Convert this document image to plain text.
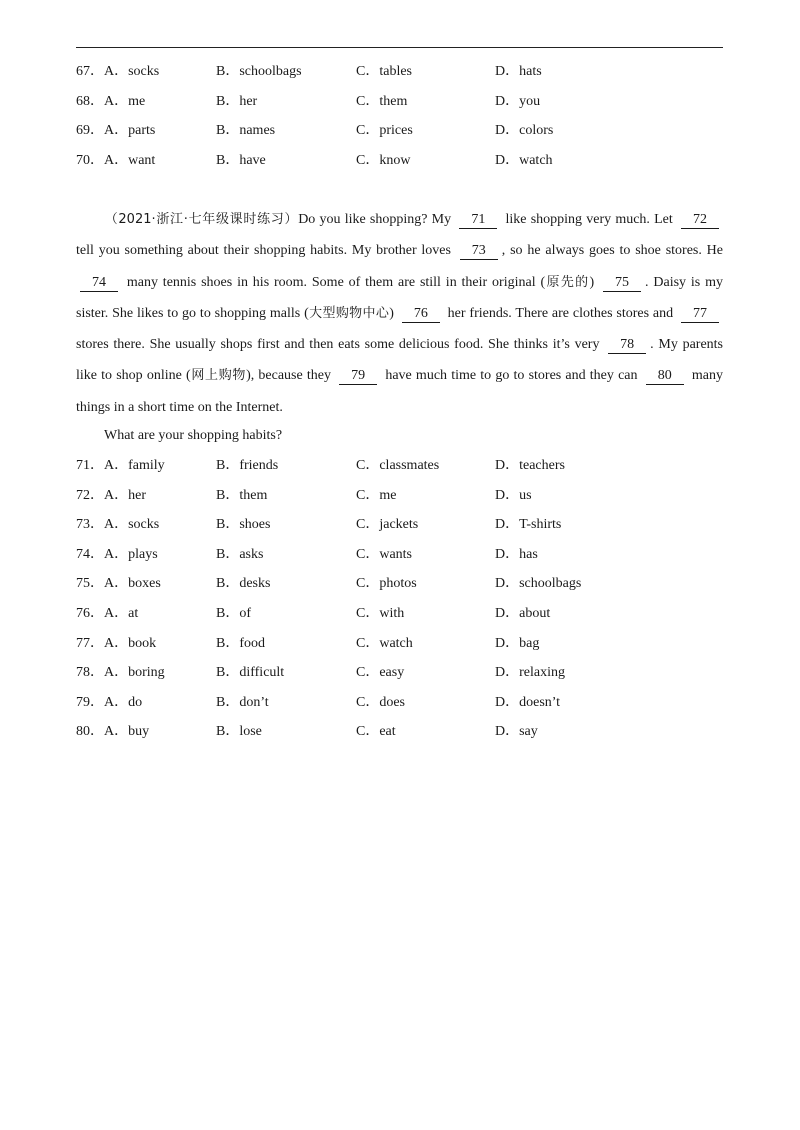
67． A．socks	B．schoolbags	C．tables	D．hats
68． A．me	B．her	C．them	D．you
69． A．parts	B．names	C．prices	D．colors
70． A．want	B．have	C．know	D．watch
（2021·浙江·七年级课时练习）Do you like shopping? My 71 like shopping very much. Let 72 tell you something about their shopping habits. My brother loves 73 , so he always goes to shoe stores. He 74 many tennis shoes in his room. Some of them are still in their original (原先的) 75 . Daisy is my sister. She likes to go to shopping malls (大型购物中心) 76 her friends. There are clothes stores and 77 stores there. She usually shops first and then eats some delicious food. She thinks it’s very 78 . My parents like to shop online (网上购物), because they 79 have much time to go to stores and they can 80 many things in a short time on the Internet.
What are your shopping habits?
71． A．family	B．friends	C．classmates	D．teachers
72． A．her	B．them	C．me	D．us
73． A．socks	B．shoes	C．jackets	D．T-shirts
74． A．plays	B．asks	C．wants	D．has
75． A．boxes	B．desks	C．photos	D．schoolbags
76． A．at	B．of	C．with	D．about
77． A．book	B．food	C．watch	D．bag
78． A．boring	B．difficult	C．easy	D．relaxing
79． A．do	B．don’t	C．does	D．doesn’t
80． A．buy	B．lose	C．eat	D．say
